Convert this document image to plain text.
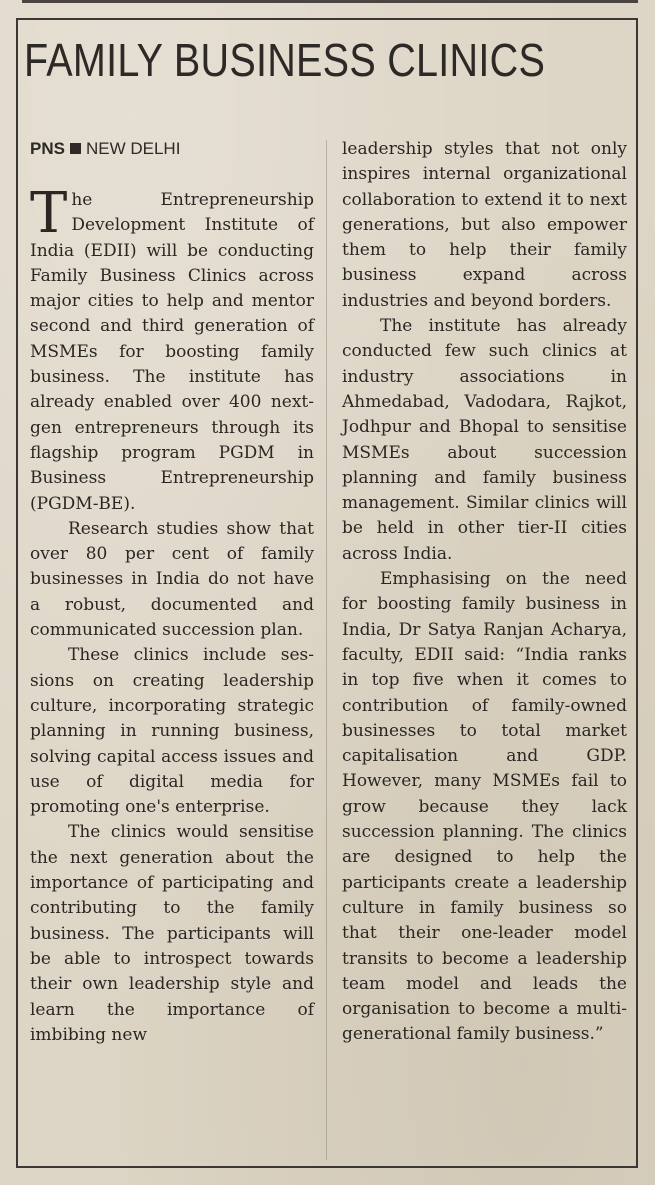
FAMILY BUSINESS CLINICS
PNS NEW DELHI

The Entrepreneurship Development Institute of India (EDII) will be conducting Family Business Clinics across major cities to help and mentor second and third generation of MSMEs for boosting family business. The institute has already enabled over 400 next-gen entrepreneurs through its flagship program PGDM in Business Entrepreneurship (PGDM-BE).

Research studies show that over 80 per cent of family businesses in India do not have a robust, documented and communicated succession plan.

These clinics include sessions on creating leadership culture, incorporating strategic planning in running business, solving capital access issues and use of digital media for promoting one's enterprise.

The clinics would sensitise the next generation about the importance of participating and contributing to the family business. The participants will be able to introspect towards their own leadership style and learn the importance of imbibing new

leadership styles that not only inspires internal organizational collaboration to extend it to next generations, but also empower them to help their family business expand across industries and beyond borders.

The institute has already conducted few such clinics at industry associations in Ahmedabad, Vadodara, Rajkot, Jodhpur and Bhopal to sensitise MSMEs about succession planning and family business management. Similar clinics will be held in other tier-II cities across India.

Emphasising on the need for boosting family business in India, Dr Satya Ranjan Acharya, faculty, EDII said: “India ranks in top five when it comes to contribution of family-owned businesses to total market capitalisation and GDP. However, many MSMEs fail to grow because they lack succession planning. The clinics are designed to help the participants create a leadership culture in family business so that their one-leader model transits to become a leadership team model and leads the organisation to become a multigenerational family business.”
